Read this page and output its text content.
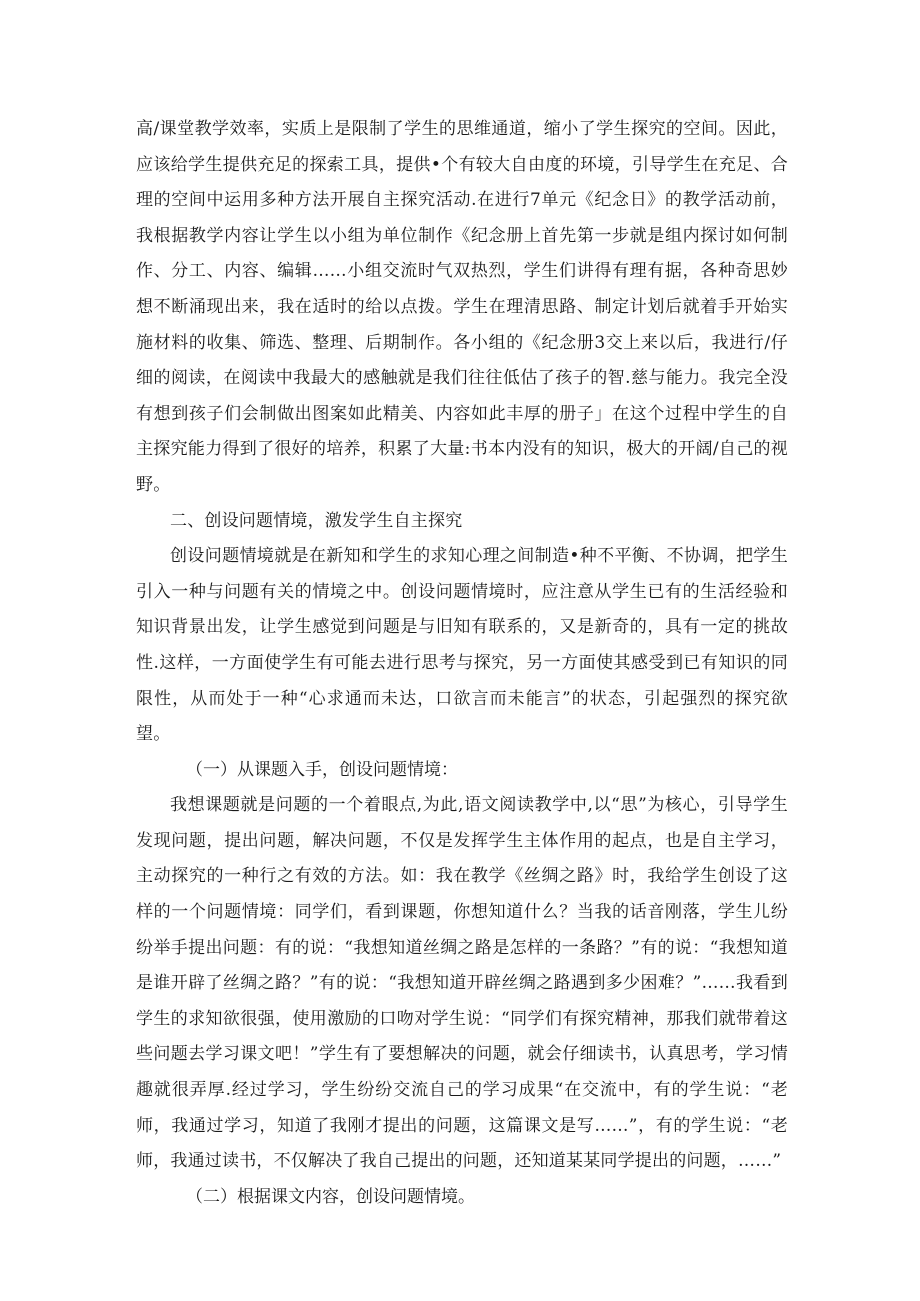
高/课堂教学效率，实质上是限制了学生的思维通道，缩小了学生探究的空间。因此，应该给学生提供充足的探索工具，提供•个有较大自由度的环境，引导学生在充足、合理的空间中运用多种方法开展自主探究活动.在进行7单元《纪念日》的教学活动前，我根据教学内容让学生以小组为单位制作《纪念册上首先第一步就是组内探讨如何制作、分工、内容、编辑……小组交流时气双热烈，学生们讲得有理有据，各种奇思妙想不断涌现出来，我在适时的给以点拨。学生在理清思路、制定计划后就着手开始实施材料的收集、筛选、整理、后期制作。各小组的《纪念册3交上来以后，我进行/仔细的阅读，在阅读中我最大的感触就是我们往往低估了孩子的智.慈与能力。我完全没有想到孩子们会制做出图案如此精美、内容如此丰厚的册子」在这个过程中学生的自主探究能力得到了很好的培养，积累了大量:书本内没有的知识，极大的开阔/自己的视野。

二、创设问题情境，激发学生自主探究

创设问题情境就是在新知和学生的求知心理之间制造•种不平衡、不协调，把学生引入一种与问题有关的情境之中。创设问题情境时，应注意从学生已有的生活经验和知识背景出发，让学生感觉到问题是与旧知有联系的，又是新奇的，具有一定的挑故性.这样，一方面使学生有可能去进行思考与探究，另一方面使其感受到已有知识的同限性，从而处于一种“心求通而未达，口欲言而未能言”的状态，引起强烈的探究欲望。

（一）从课题入手，创设问题情境：

我想课题就是问题的一个着眼点,为此,语文阅读教学中,以“思”为核心，引导学生发现问题，提出问题，解决问题，不仅是发挥学生主体作用的起点，也是自主学习，主动探究的一种行之有效的方法。如：我在教学《丝绸之路》时，我给学生创设了这样的一个问题情境：同学们，看到课题，你想知道什么？当我的话音刚落，学生儿纷纷举手提出问题：有的说：“我想知道丝绸之路是怎样的一条路？”有的说：“我想知道是谁开辟了丝绸之路？”有的说：“我想知道开辟丝绸之路遇到多少困难？”……我看到学生的求知欲很强，使用激励的口吻对学生说：“同学们有探究精神，那我们就带着这些问题去学习课文吧！”学生有了要想解决的问题，就会仔细读书，认真思考，学习情趣就很弄厚.经过学习，学生纷纷交流自己的学习成果“在交流中，有的学生说：“老师，我通过学习，知道了我刚才提出的问题，这篇课文是写……”，有的学生说：“老师，我通过读书，不仅解决了我自己提出的问题，还知道某某同学提出的问题，……”

（二）根据课文内容，创设问题情境。
